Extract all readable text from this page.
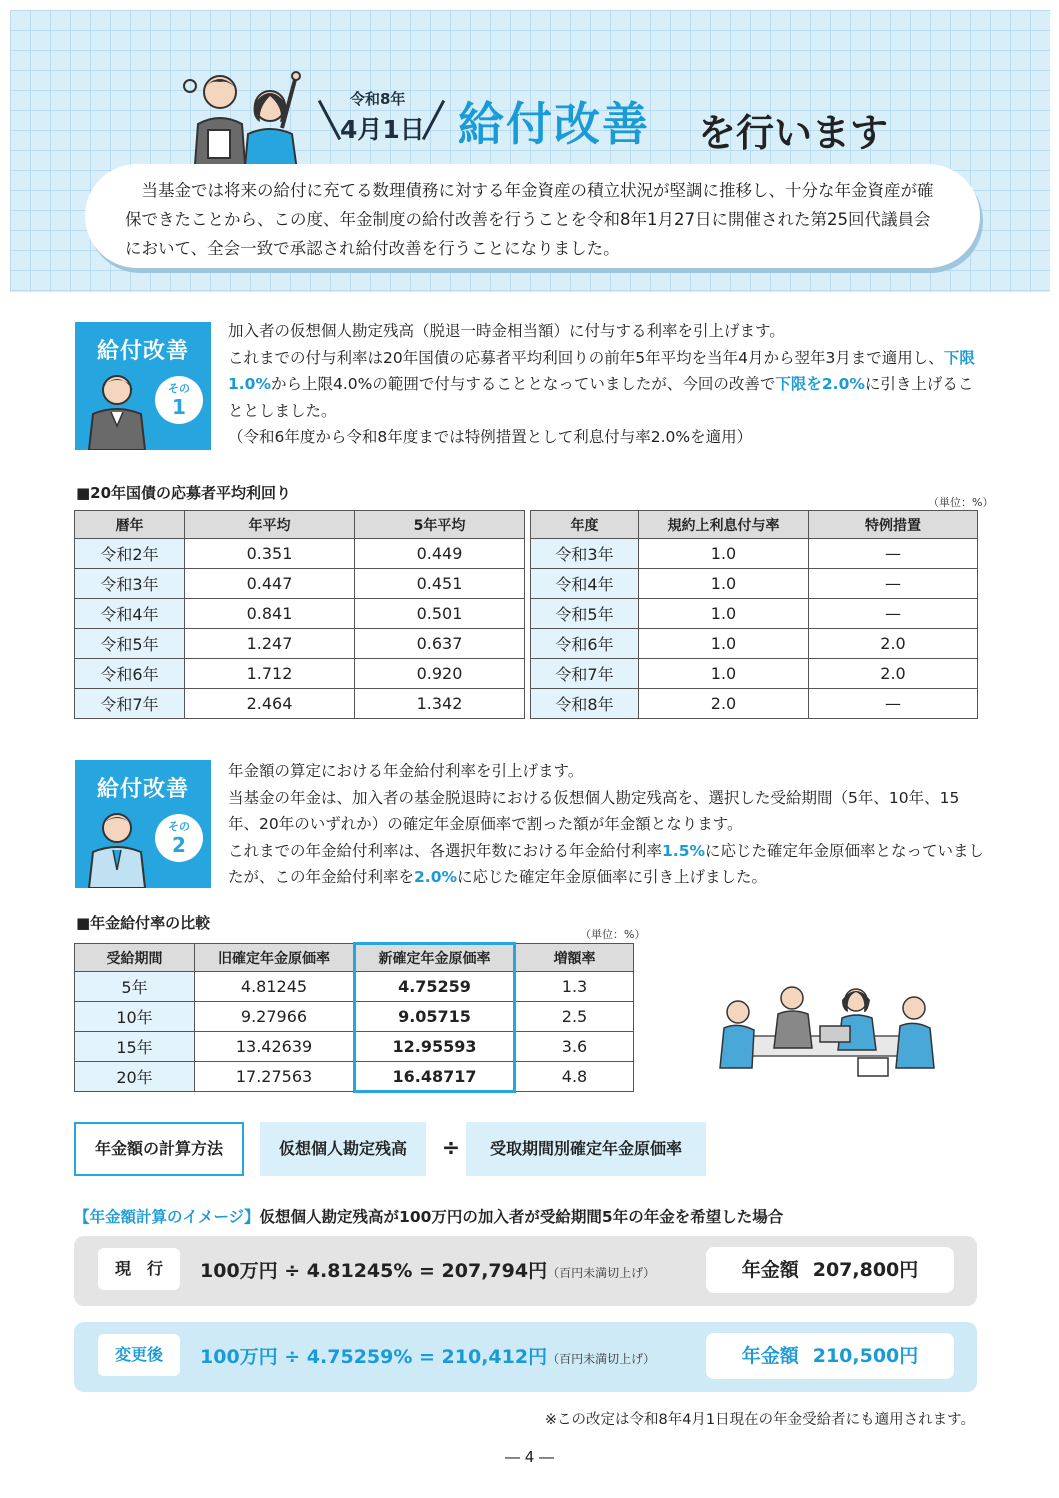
令和8年
4月1日 給付改善 を行います

当基金では将来の給付に充てる数理債務に対する年金資産の積立状況が堅調に推移し、十分な年金資産が確保できたことから、この度、年金制度の給付改善を行うことを令和8年1月27日に開催された第25回代議員会において、全会一致で承認され給付改善を行うことになりました。

給付改善
その
1
加入者の仮想個人勘定残高（脱退一時金相当額）に付与する利率を引上げます。
これまでの付与利率は20年国債の応募者平均利回りの前年5年平均を当年4月から翌年3月まで適用し、下限1.0%から上限4.0%の範囲で付与することとなっていましたが、今回の改善で下限を2.0%に引き上げることとしました。
（令和6年度から令和8年度までは特例措置として利息付与率2.0%を適用）
■20年国債の応募者平均利回り
（単位：%）
暦年	年平均	5年平均
令和2年	0.351	0.449
令和3年	0.447	0.451
令和4年	0.841	0.501
令和5年	1.247	0.637
令和6年	1.712	0.920
令和7年	2.464	1.342
年度	規約上利息付与率	特例措置
令和3年	1.0	—
令和4年	1.0	—
令和5年	1.0	—
令和6年	1.0	2.0
令和7年	1.0	2.0
令和8年	2.0	—
給付改善
その
2
年金額の算定における年金給付利率を引上げます。
当基金の年金は、加入者の基金脱退時における仮想個人勘定残高を、選択した受給期間（5年、10年、15年、20年のいずれか）の確定年金原価率で割った額が年金額となります。
これまでの年金給付利率は、各選択年数における年金給付利率1.5%に応じた確定年金原価率となっていましたが、この年金給付利率を2.0%に応じた確定年金原価率に引き上げました。
■年金給付率の比較
（単位：%）
受給期間	旧確定年金原価率	新確定年金原価率	増額率
5年	4.81245	4.75259	1.3
10年	9.27966	9.05715	2.5
15年	13.42639	12.95593	3.6
20年	17.27563	16.48717	4.8
年金額の計算方法	仮想個人勘定残高	÷	受取期間別確定年金原価率
【年金額計算のイメージ】仮想個人勘定残高が100万円の加入者が受給期間5年の年金を希望した場合
現　行	100万円 ÷ 4.81245% = 207,794円（百円未満切上げ）	年金額 207,800円
変更後	100万円 ÷ 4.75259% = 210,412円（百円未満切上げ）	年金額 210,500円
※この改定は令和8年4月1日現在の年金受給者にも適用されます。
― 4 ―
